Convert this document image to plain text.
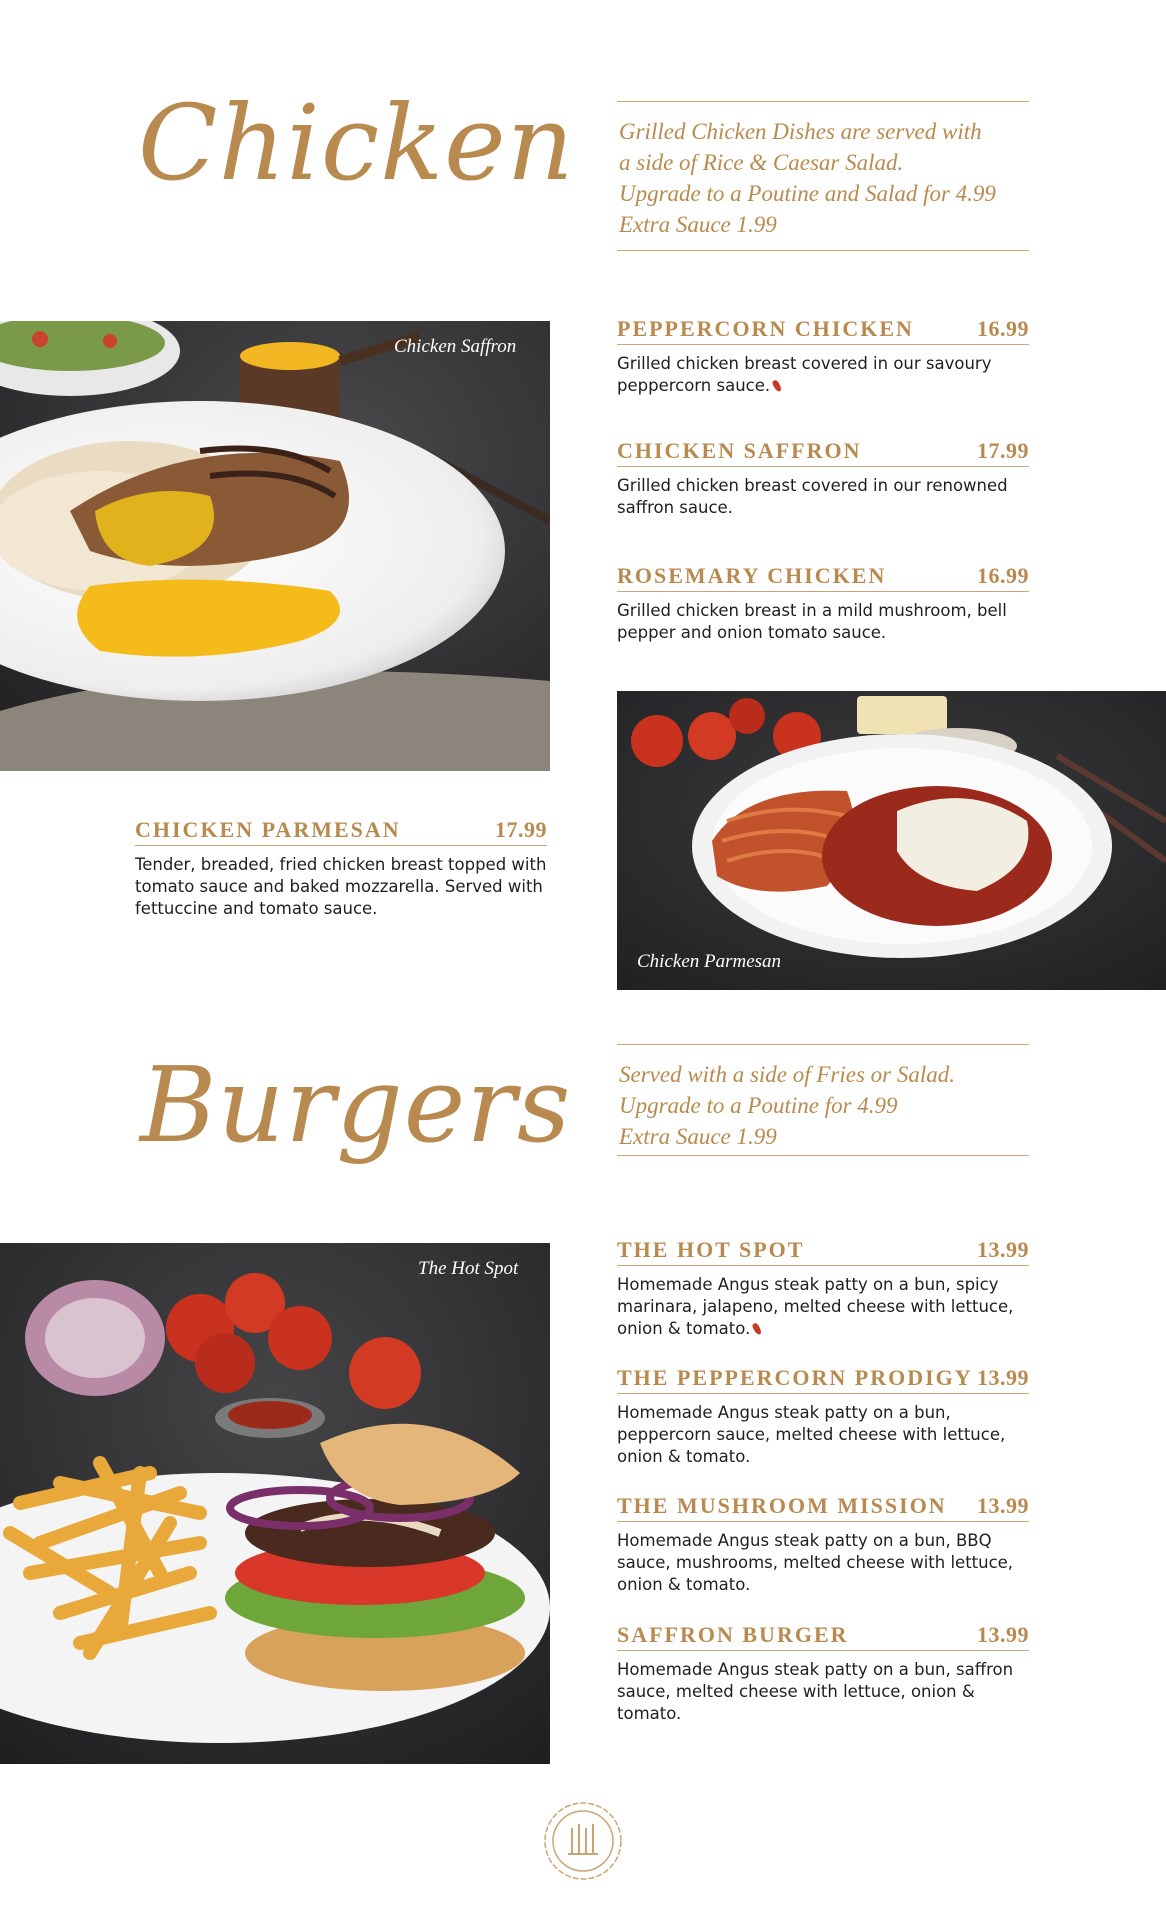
Chicken Grilled Chicken Dishes are served with
a side of Rice & Caesar Salad.
Upgrade to a Poutine and Salad for 4.99
Extra Sauce 1.99
Chicken Saffron
PEPPERCORN CHICKEN	16.99
Grilled chicken breast covered in our savoury peppercorn sauce.
CHICKEN SAFFRON	17.99
Grilled chicken breast covered in our renowned saffron sauce.
ROSEMARY CHICKEN	16.99
Grilled chicken breast in a mild mushroom, bell pepper and onion tomato sauce.
Chicken Parmesan
CHICKEN PARMESAN	17.99
Tender, breaded, fried chicken breast topped with tomato sauce and baked mozzarella. Served with fettuccine and tomato sauce.
Burgers Served with a side of Fries or Salad.
Upgrade to a Poutine for 4.99
Extra Sauce 1.99
The Hot Spot
THE HOT SPOT	13.99
Homemade Angus steak patty on a bun, spicy marinara, jalapeno, melted cheese with lettuce, onion & tomato.
THE PEPPERCORN PRODIGY 13.99
Homemade Angus steak patty on a bun, peppercorn sauce, melted cheese with lettuce, onion & tomato.
THE MUSHROOM MISSION 13.99
Homemade Angus steak patty on a bun, BBQ sauce, mushrooms, melted cheese with lettuce, onion & tomato.
SAFFRON BURGER	13.99
Homemade Angus steak patty on a bun, saffron sauce, melted cheese with lettuce, onion & tomato.
